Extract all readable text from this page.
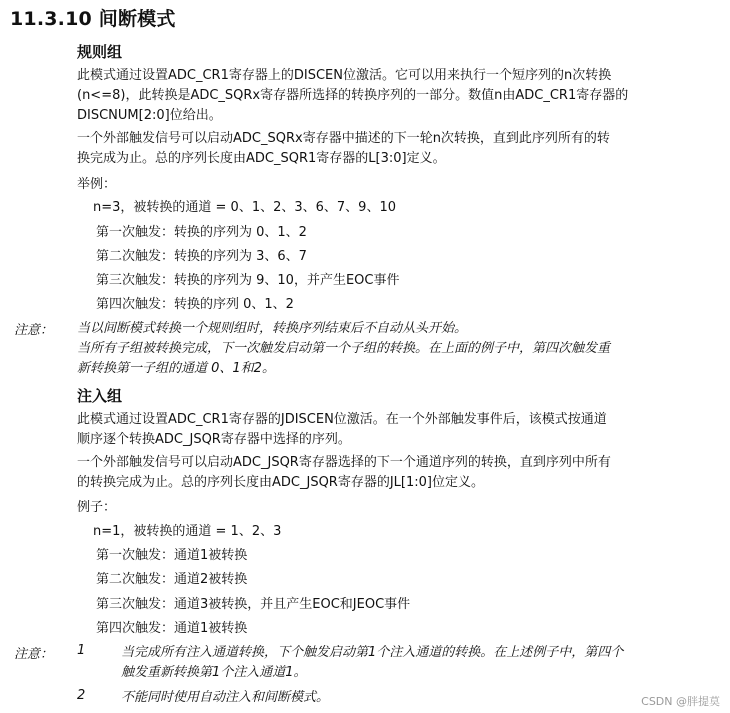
11.3.10 间断模式
规则组
此模式通过设置ADC_CR1寄存器上的DISCEN位激活。它可以用来执行一个短序列的n次转换
(n<=8)，此转换是ADC_SQRx寄存器所选择的转换序列的一部分。数值n由ADC_CR1寄存器的
DISCNUM[2:0]位给出。
一个外部触发信号可以启动ADC_SQRx寄存器中描述的下一轮n次转换，直到此序列所有的转
换完成为止。总的序列长度由ADC_SQR1寄存器的L[3:0]定义。
举例：
n=3，被转换的通道 = 0、1、2、3、6、7、9、10
第一次触发：转换的序列为 0、1、2
第二次触发：转换的序列为 3、6、7
第三次触发：转换的序列为 9、10，并产生EOC事件
第四次触发：转换的序列 0、1、2
注意： 当以间断模式转换一个规则组时，转换序列结束后不自动从头开始。
当所有子组被转换完成，下一次触发启动第一个子组的转换。在上面的例子中，第四次触发重
新转换第一子组的通道 0、1和2。
注入组
此模式通过设置ADC_CR1寄存器的JDISCEN位激活。在一个外部触发事件后，该模式按通道
顺序逐个转换ADC_JSQR寄存器中选择的序列。
一个外部触发信号可以启动ADC_JSQR寄存器选择的下一个通道序列的转换，直到序列中所有
的转换完成为止。总的序列长度由ADC_JSQR寄存器的JL[1:0]位定义。
例子：
n=1，被转换的通道 = 1、2、3
第一次触发：通道1被转换
第二次触发：通道2被转换
第三次触发：通道3被转换，并且产生EOC和JEOC事件
第四次触发：通道1被转换
注意： 1	当完成所有注入通道转换，下个触发启动第1个注入通道的转换。在上述例子中，第四个
触发重新转换第1个注入通道1。
2	不能同时使用自动注入和间断模式。	CSDN @胖提莫
